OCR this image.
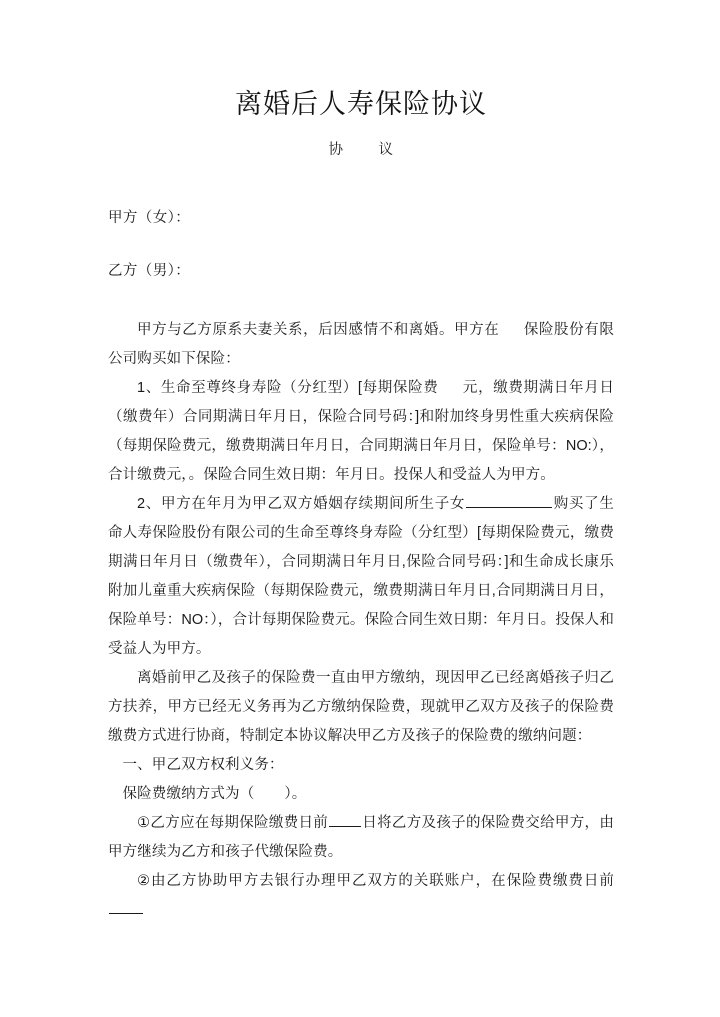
离婚后人寿保险协议
协 议
甲方（女）：
乙方（男）：
甲方与乙方原系夫妻关系，后因感情不和离婚。甲方在 保险股份有限公司购买如下保险：
1、生命至尊终身寿险（分红型）[每期保险费 元，缴费期满日年月日（缴费年）合同期满日年月日，保险合同号码：]和附加终身男性重大疾病保险（每期保险费元，缴费期满日年月日，合同期满日年月日，保险单号：NO:），合计缴费元，。保险合同生效日期：年月日。投保人和受益人为甲方。
2、甲方在年月为甲乙双方婚姻存续期间所生子女	购买了生命人寿保险股份有限公司的生命至尊终身寿险（分红型）[每期保险费元，缴费期满日年月日（缴费年），合同期满日年月日,保险合同号码：]和生命成长康乐附加儿童重大疾病保险（每期保险费元，缴费期满日年月日,合同期满日月日，保险单号：NO：），合计每期保险费元。保险合同生效日期：年月日。投保人和受益人为甲方。
离婚前甲乙及孩子的保险费一直由甲方缴纳，现因甲乙已经离婚孩子归乙方扶养，甲方已经无义务再为乙方缴纳保险费，现就甲乙双方及孩子的保险费缴费方式进行协商，特制定本协议解决甲乙方及孩子的保险费的缴纳问题：
一、甲乙双方权利义务：
保险费缴纳方式为（ ）。
①乙方应在每期保险缴费日前 日将乙方及孩子的保险费交给甲方，由甲方继续为乙方和孩子代缴保险费。
②由乙方协助甲方去银行办理甲乙双方的关联账户，在保险费缴费日前
